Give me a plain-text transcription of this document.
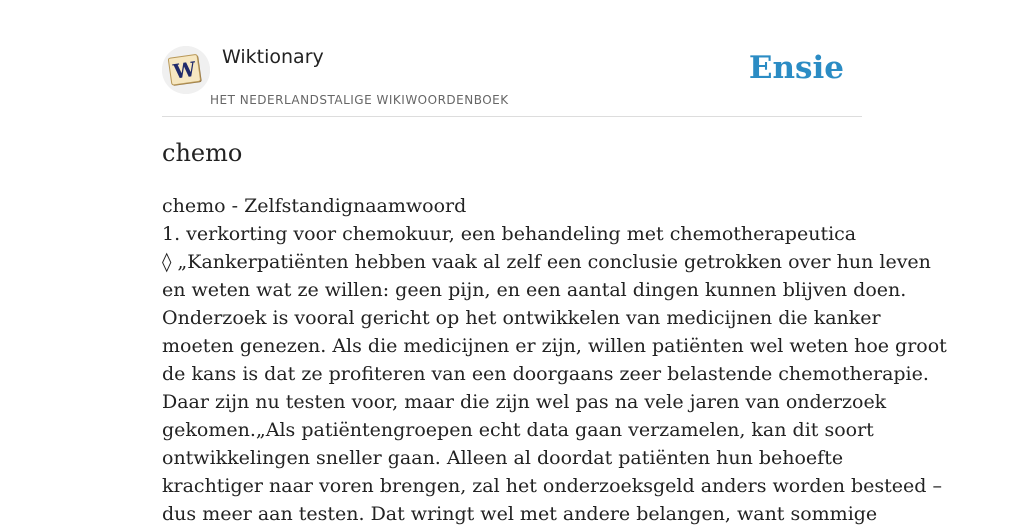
W Wiktionary
HET NEDERLANDSTALIGE WIKIWOORDENBOEK
Ensie
chemo
chemo - Zelfstandignaamwoord
1. verkorting voor chemokuur, een behandeling met chemotherapeutica
◊ „Kankerpatiënten hebben vaak al zelf een conclusie getrokken over hun leven
en weten wat ze willen: geen pijn, en een aantal dingen kunnen blijven doen.
Onderzoek is vooral gericht op het ontwikkelen van medicijnen die kanker
moeten genezen. Als die medicijnen er zijn, willen patiënten wel weten hoe groot
de kans is dat ze profiteren van een doorgaans zeer belastende chemotherapie.
Daar zijn nu testen voor, maar die zijn wel pas na vele jaren van onderzoek
gekomen.„Als patiëntengroepen echt data gaan verzamelen, kan dit soort
ontwikkelingen sneller gaan. Alleen al doordat patiënten hun behoefte
krachtiger naar voren brengen, zal het onderzoeksgeld anders worden besteed –
dus meer aan testen. Dat wringt wel met andere belangen, want sommige
